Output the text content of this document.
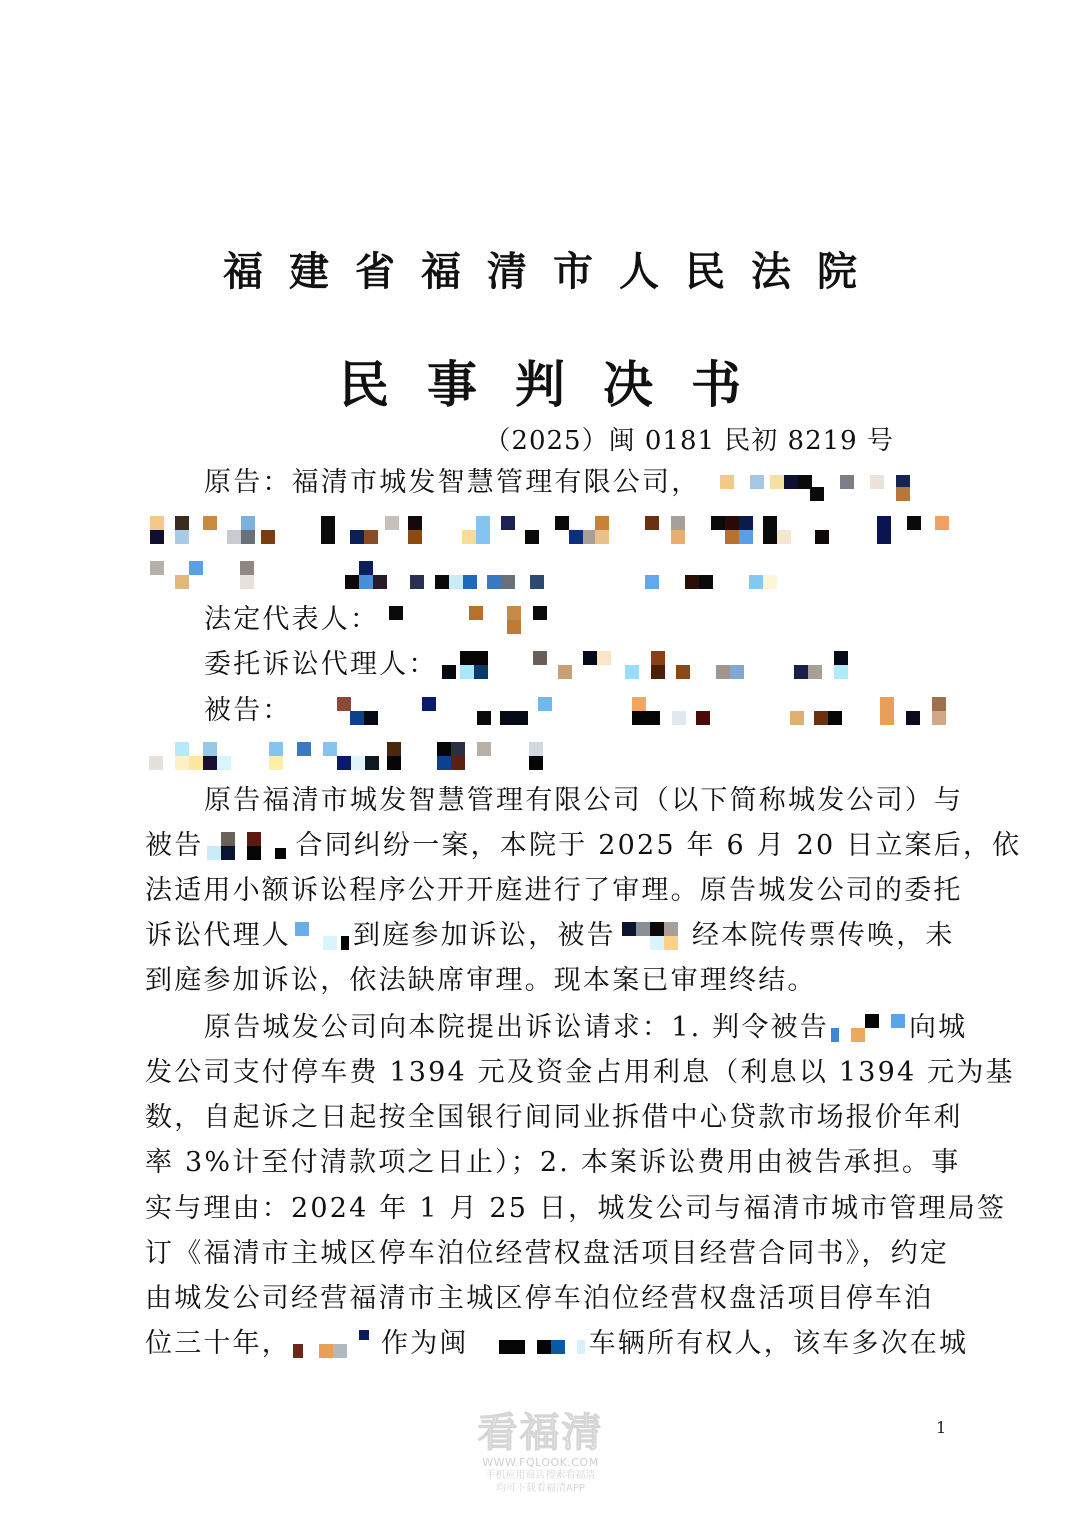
福建省福清市人民法院
民事判决书
（2025）闽 0181 民初 8219 号
原告：福清市城发智慧管理有限公司，
法定代表人：
委托诉讼代理人：
被告：
原告福清市城发智慧管理有限公司（以下简称城发公司）与
被告	合同纠纷一案，本院于 2025 年 6 月 20 日立案后，依
法适用小额诉讼程序公开开庭进行了审理。原告城发公司的委托
诉讼代理人 到庭参加诉讼，被告	经本院传票传唤，未
到庭参加诉讼，依法缺席审理。现本案已审理终结。
原告城发公司向本院提出诉讼请求：1. 判令被告	向城
发公司支付停车费 1394 元及资金占用利息（利息以 1394 元为基
数，自起诉之日起按全国银行间同业拆借中心贷款市场报价年利
率 3%计至付清款项之日止）；2. 本案诉讼费用由被告承担。事
实与理由：2024 年 1 月 25 日，城发公司与福清市城市管理局签
订《福清市主城区停车泊位经营权盘活项目经营合同书》，约定
由城发公司经营福清市主城区停车泊位经营权盘活项目停车泊
位三十年，	作为闽	车辆所有权人，该车多次在城
看福清
WWW.FQLOOK.COM
手机应用商店搜索看福清
均可下载看福清APP
1
